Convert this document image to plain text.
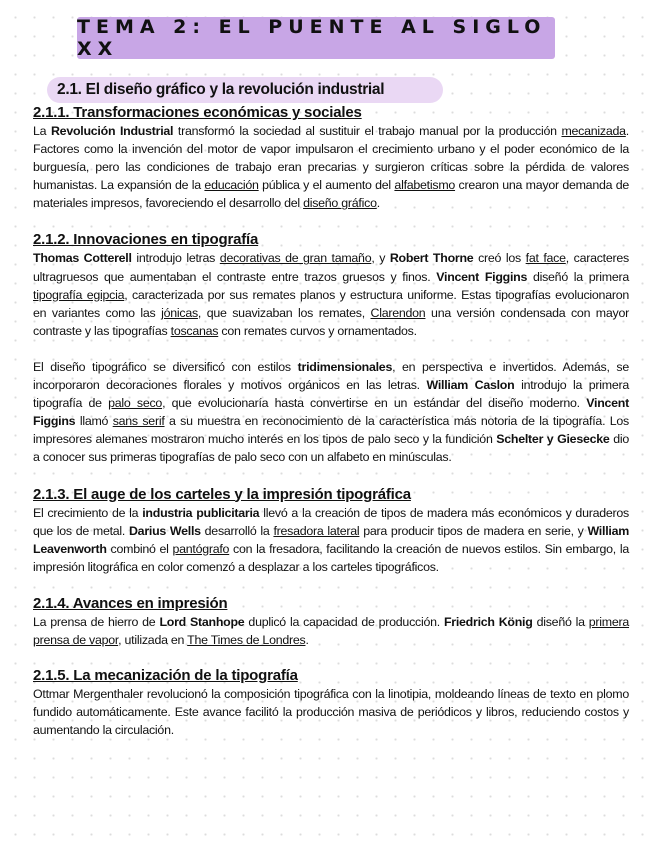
TEMA 2: EL PUENTE AL SIGLO XX
2.1. El diseño gráfico y la revolución industrial
2.1.1. Transformaciones económicas y sociales

La Revolución Industrial transformó la sociedad al sustituir el trabajo manual por la producción mecanizada. Factores como la invención del motor de vapor impulsaron el crecimiento urbano y el poder económico de la burguesía, pero las condiciones de trabajo eran precarias y surgieron críticas sobre la pérdida de valores humanistas. La expansión de la educación pública y el aumento del alfabetismo crearon una mayor demanda de materiales impresos, favoreciendo el desarrollo del diseño gráfico.

2.1.2. Innovaciones en tipografía

Thomas Cotterell introdujo letras decorativas de gran tamaño, y Robert Thorne creó los fat face, caracteres ultragruesos que aumentaban el contraste entre trazos gruesos y finos. Vincent Figgins diseñó la primera tipografía egipcia, caracterizada por sus remates planos y estructura uniforme. Estas tipografías evolucionaron en variantes como las jónicas, que suavizaban los remates, Clarendon una versión condensada con mayor contraste y las tipografías toscanas con remates curvos y ornamentados.

El diseño tipográfico se diversificó con estilos tridimensionales, en perspectiva e invertidos. Además, se incorporaron decoraciones florales y motivos orgánicos en las letras. William Caslon introdujo la primera tipografía de palo seco, que evolucionaría hasta convertirse en un estándar del diseño moderno. Vincent Figgins llamó sans serif a su muestra en reconocimiento de la característica más notoria de la tipografía. Los impresores alemanes mostraron mucho interés en los tipos de palo seco y la fundición Schelter y Giesecke dio a conocer sus primeras tipografías de palo seco con un alfabeto en minúsculas.

2.1.3. El auge de los carteles y la impresión tipográfica

El crecimiento de la industria publicitaria llevó a la creación de tipos de madera más económicos y duraderos que los de metal. Darius Wells desarrolló la fresadora lateral para producir tipos de madera en serie, y William Leavenworth combinó el pantógrafo con la fresadora, facilitando la creación de nuevos estilos. Sin embargo, la impresión litográfica en color comenzó a desplazar a los carteles tipográficos.

2.1.4. Avances en impresión

La prensa de hierro de Lord Stanhope duplicó la capacidad de producción. Friedrich König diseñó la primera prensa de vapor, utilizada en The Times de Londres.

2.1.5. La mecanización de la tipografía

Ottmar Mergenthaler revolucionó la composición tipográfica con la linotipia, moldeando líneas de texto en plomo fundido automáticamente. Este avance facilitó la producción masiva de periódicos y libros, reduciendo costos y aumentando la circulación.
